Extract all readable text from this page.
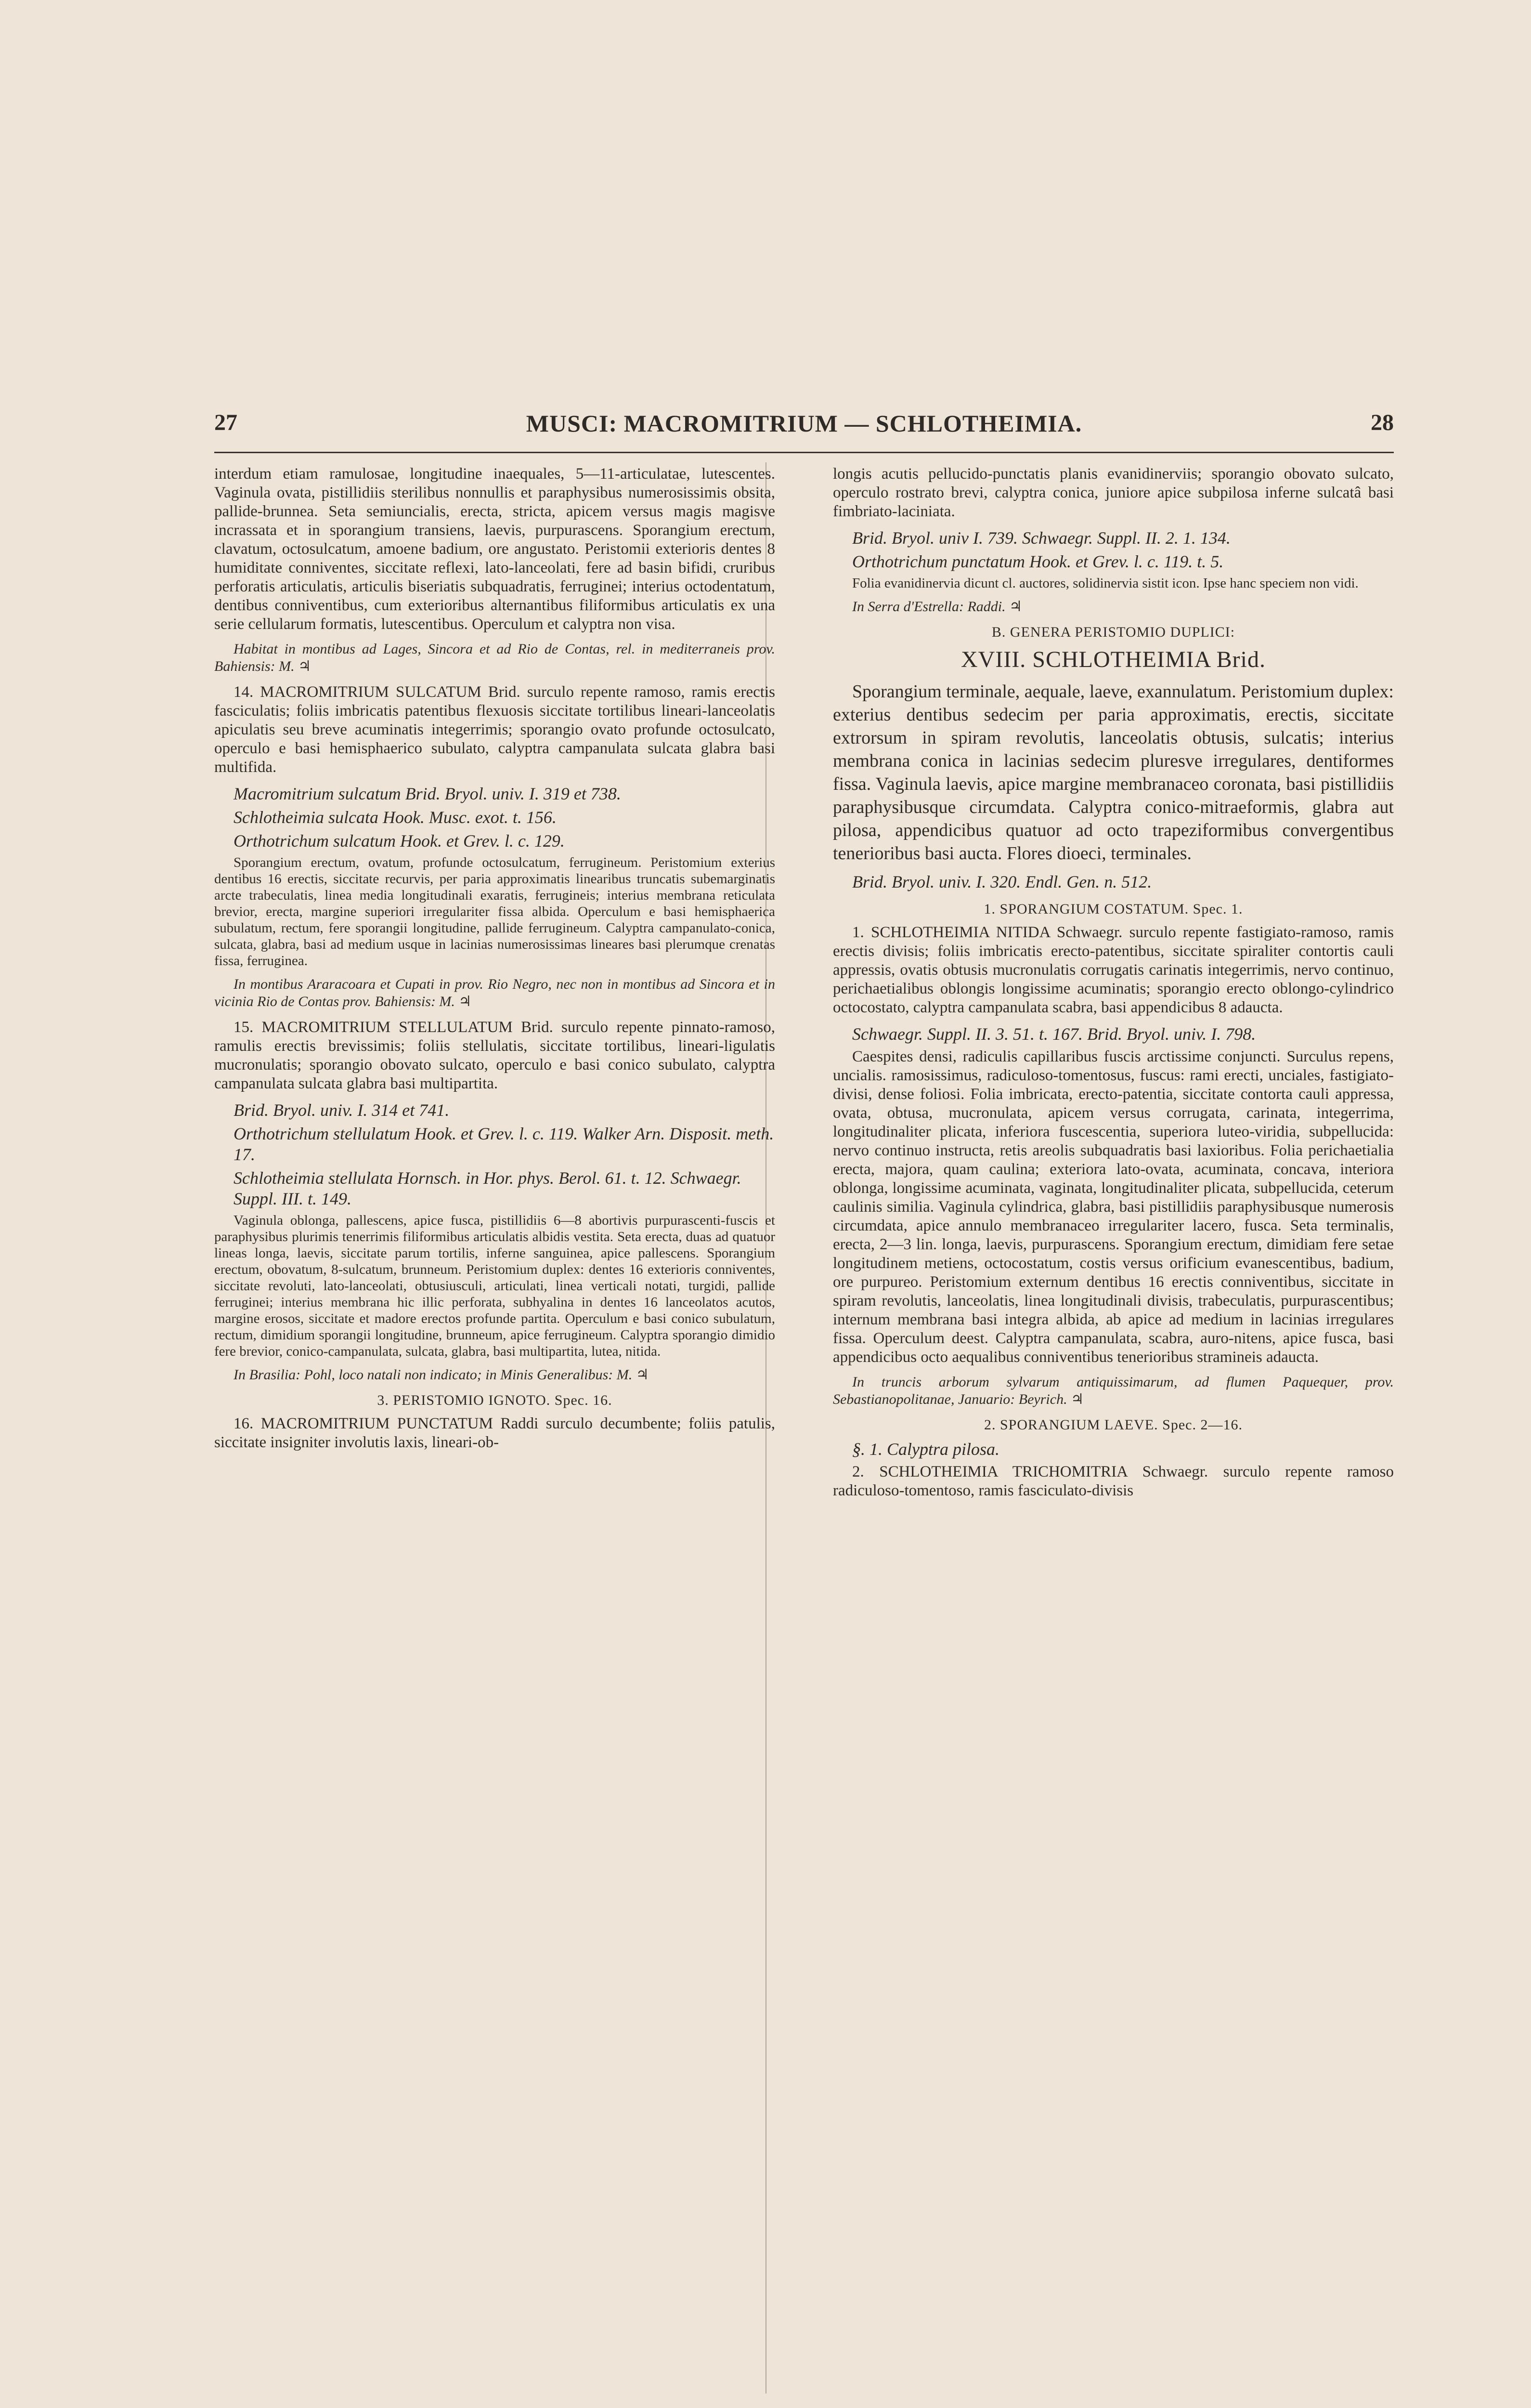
27	MUSCI: MACROMITRIUM — SCHLOTHEIMIA.	28

interdum etiam ramulosae, longitudine inaequales, 5—11-articulatae, lutescentes. Vaginula ovata, pistillidiis sterilibus nonnullis et paraphysibus numerosissimis obsita, pallide-brunnea. Seta semiuncialis, erecta, stricta, apicem versus magis magisve incrassata et in sporangium transiens, laevis, purpurascens. Sporangium erectum, clavatum, octosulcatum, amoene badium, ore angustato. Peristomii exterioris dentes 8 humiditate conniventes, siccitate reflexi, lato-lanceolati, fere ad basin bifidi, cruribus perforatis articulatis, articulis biseriatis subquadratis, ferruginei; interius octodentatum, dentibus conniventibus, cum exterioribus alternantibus filiformibus articulatis ex una serie cellularum formatis, lutescentibus. Operculum et calyptra non visa.

Habitat in montibus ad Lages, Sincora et ad Rio de Contas, rel. in mediterraneis prov. Bahiensis: M. ♃

14. MACROMITRIUM SULCATUM Brid. surculo repente ramoso, ramis erectis fasciculatis; foliis imbricatis patentibus flexuosis siccitate tortilibus lineari-lanceolatis apiculatis seu breve acuminatis integerrimis; sporangio ovato profunde octosulcato, operculo e basi hemisphaerico subulato, calyptra campanulata sulcata glabra basi multifida.

Macromitrium sulcatum Brid. Bryol. univ. I. 319 et 738.

Schlotheimia sulcata Hook. Musc. exot. t. 156.

Orthotrichum sulcatum Hook. et Grev. l. c. 129.

Sporangium erectum, ovatum, profunde octosulcatum, ferrugineum. Peristomium exterius dentibus 16 erectis, siccitate recurvis, per paria approximatis linearibus truncatis subemarginatis arcte trabeculatis, linea media longitudinali exaratis, ferrugineis; interius membrana reticulata brevior, erecta, margine superiori irregulariter fissa albida. Operculum e basi hemisphaerica subulatum, rectum, fere sporangii longitudine, pallide ferrugineum. Calyptra campanulato-conica, sulcata, glabra, basi ad medium usque in lacinias numerosissimas lineares basi plerumque crenatas fissa, ferruginea.

In montibus Araracoara et Cupati in prov. Rio Negro, nec non in montibus ad Sincora et in vicinia Rio de Contas prov. Bahiensis: M. ♃

15. MACROMITRIUM STELLULATUM Brid. surculo repente pinnato-ramoso, ramulis erectis brevissimis; foliis stellulatis, siccitate tortilibus, lineari-ligulatis mucronulatis; sporangio obovato sulcato, operculo e basi conico subulato, calyptra campanulata sulcata glabra basi multipartita.

Brid. Bryol. univ. I. 314 et 741.

Orthotrichum stellulatum Hook. et Grev. l. c. 119. Walker Arn. Disposit. meth. 17.

Schlotheimia stellulata Hornsch. in Hor. phys. Berol. 61. t. 12. Schwaegr. Suppl. III. t. 149.

Vaginula oblonga, pallescens, apice fusca, pistillidiis 6—8 abortivis purpurascenti-fuscis et paraphysibus plurimis tenerrimis filiformibus articulatis albidis vestita. Seta erecta, duas ad quatuor lineas longa, laevis, siccitate parum tortilis, inferne sanguinea, apice pallescens. Sporangium erectum, obovatum, 8-sulcatum, brunneum. Peristomium duplex: dentes 16 exterioris conniventes, siccitate revoluti, lato-lanceolati, obtusiusculi, articulati, linea verticali notati, turgidi, pallide ferruginei; interius membrana hic illic perforata, subhyalina in dentes 16 lanceolatos acutos, margine erosos, siccitate et madore erectos profunde partita. Operculum e basi conico subulatum, rectum, dimidium sporangii longitudine, brunneum, apice ferrugineum. Calyptra sporangio dimidio fere brevior, conico-campanulata, sulcata, glabra, basi multipartita, lutea, nitida.

In Brasilia: Pohl, loco natali non indicato; in Minis Generalibus: M. ♃

3. PERISTOMIO IGNOTO. Spec. 16.

16. MACROMITRIUM PUNCTATUM Raddi surculo decumbente; foliis patulis, siccitate insigniter involutis laxis, lineari-ob-

longis acutis pellucido-punctatis planis evanidinerviis; sporangio obovato sulcato, operculo rostrato brevi, calyptra conica, juniore apice subpilosa inferne sulcatâ basi fimbriato-laciniata.

Brid. Bryol. univ I. 739. Schwaegr. Suppl. II. 2. 1. 134.

Orthotrichum punctatum Hook. et Grev. l. c. 119. t. 5.

Folia evanidinervia dicunt cl. auctores, solidinervia sistit icon. Ipse hanc speciem non vidi.

In Serra d'Estrella: Raddi. ♃

B. GENERA PERISTOMIO DUPLICI:

XVIII. SCHLOTHEIMIA Brid.

Sporangium terminale, aequale, laeve, exannulatum. Peristomium duplex: exterius dentibus sedecim per paria approximatis, erectis, siccitate extrorsum in spiram revolutis, lanceolatis obtusis, sulcatis; interius membrana conica in lacinias sedecim pluresve irregulares, dentiformes fissa. Vaginula laevis, apice margine membranaceo coronata, basi pistillidiis paraphysibusque circumdata. Calyptra conico-mitraeformis, glabra aut pilosa, appendicibus quatuor ad octo trapeziformibus convergentibus tenerioribus basi aucta. Flores dioeci, terminales.

Brid. Bryol. univ. I. 320. Endl. Gen. n. 512.

1. SPORANGIUM COSTATUM. Spec. 1.

1. SCHLOTHEIMIA NITIDA Schwaegr. surculo repente fastigiato-ramoso, ramis erectis divisis; foliis imbricatis erecto-patentibus, siccitate spiraliter contortis cauli appressis, ovatis obtusis mucronulatis corrugatis carinatis integerrimis, nervo continuo, perichaetialibus oblongis longissime acuminatis; sporangio erecto oblongo-cylindrico octocostato, calyptra campanulata scabra, basi appendicibus 8 adaucta.

Schwaegr. Suppl. II. 3. 51. t. 167. Brid. Bryol. univ. I. 798.

Caespites densi, radiculis capillaribus fuscis arctissime conjuncti. Surculus repens, uncialis. ramosissimus, radiculoso-tomentosus, fuscus: rami erecti, unciales, fastigiato-divisi, dense foliosi. Folia imbricata, erecto-patentia, siccitate contorta cauli appressa, ovata, obtusa, mucronulata, apicem versus corrugata, carinata, integerrima, longitudinaliter plicata, inferiora fuscescentia, superiora luteo-viridia, subpellucida: nervo continuo instructa, retis areolis subquadratis basi laxioribus. Folia perichaetialia erecta, majora, quam caulina; exteriora lato-ovata, acuminata, concava, interiora oblonga, longissime acuminata, vaginata, longitudinaliter plicata, subpellucida, ceterum caulinis similia. Vaginula cylindrica, glabra, basi pistillidiis paraphysibusque numerosis circumdata, apice annulo membranaceo irregulariter lacero, fusca. Seta terminalis, erecta, 2—3 lin. longa, laevis, purpurascens. Sporangium erectum, dimidiam fere setae longitudinem metiens, octocostatum, costis versus orificium evanescentibus, badium, ore purpureo. Peristomium externum dentibus 16 erectis conniventibus, siccitate in spiram revolutis, lanceolatis, linea longitudinali divisis, trabeculatis, purpurascentibus; internum membrana basi integra albida, ab apice ad medium in lacinias irregulares fissa. Operculum deest. Calyptra campanulata, scabra, auro-nitens, apice fusca, basi appendicibus octo aequalibus conniventibus tenerioribus stramineis adaucta.

In truncis arborum sylvarum antiquissimarum, ad flumen Paquequer, prov. Sebastianopolitanae, Januario: Beyrich. ♃

2. SPORANGIUM LAEVE. Spec. 2—16.

§. 1. Calyptra pilosa.

2. SCHLOTHEIMIA TRICHOMITRIA Schwaegr. surculo repente ramoso radiculoso-tomentoso, ramis fasciculato-divisis
